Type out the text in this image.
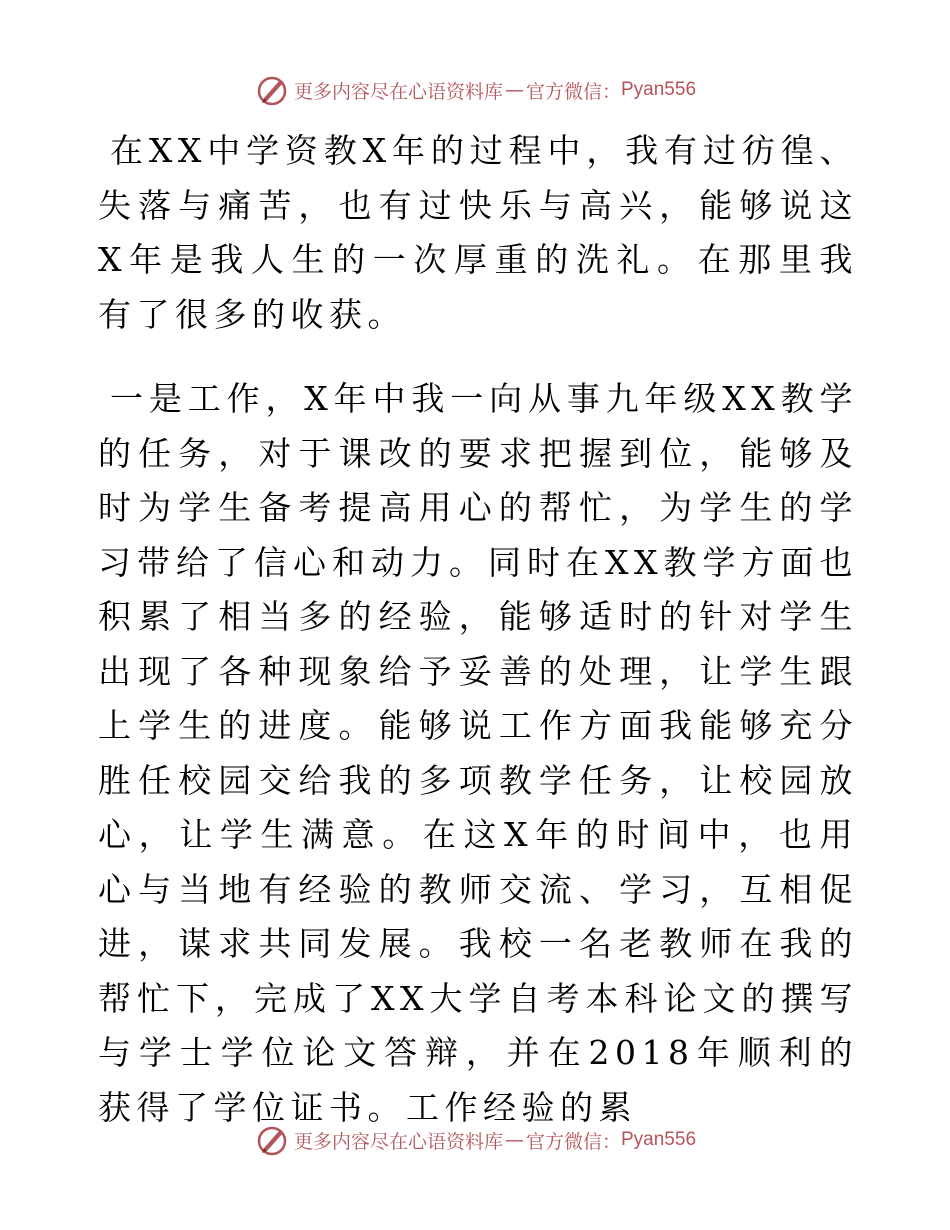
更多内容尽在心语资料库 — 官方微信： Pyan556

在XX中学资教X年的过程中，我有过彷徨、失落与痛苦，也有过快乐与高兴，能够说这X年是我人生的一次厚重的洗礼。在那里我有了很多的收获。

一是工作，X年中我一向从事九年级XX教学的任务，对于课改的要求把握到位，能够及时为学生备考提高用心的帮忙，为学生的学习带给了信心和动力。同时在XX教学方面也积累了相当多的经验，能够适时的针对学生出现了各种现象给予妥善的处理，让学生跟上学生的进度。能够说工作方面我能够充分胜任校园交给我的多项教学任务，让校园放心，让学生满意。在这X年的时间中，也用心与当地有经验的教师交流、学习，互相促进，谋求共同发展。我校一名老教师在我的帮忙下，完成了XX大学自考本科论文的撰写与学士学位论文答辩，并在2018年顺利的获得了学位证书。工作经验的累

更多内容尽在心语资料库 — 官方微信： Pyan556
